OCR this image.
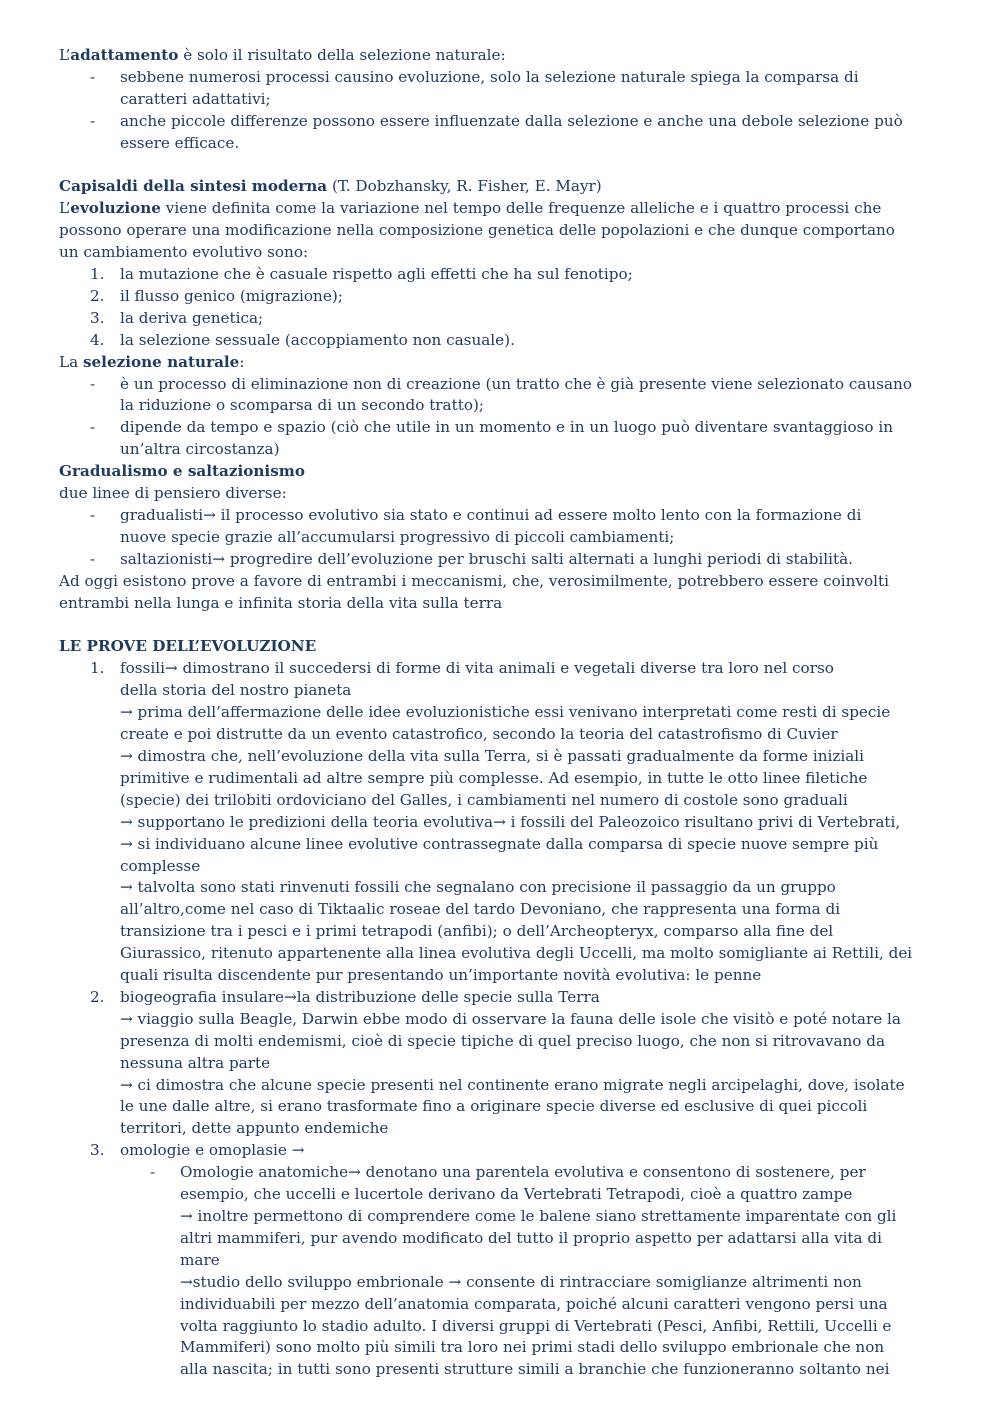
L’adattamento è solo il risultato della selezione naturale:
- sebbene numerosi processi causino evoluzione, solo la selezione naturale spiega la comparsa di
caratteri adattativi;
- anche piccole differenze possono essere influenzate dalla selezione e anche una debole selezione può
essere efficace.
Capisaldi della sintesi moderna (T. Dobzhansky, R. Fisher, E. Mayr)
L’evoluzione viene definita come la variazione nel tempo delle frequenze alleliche e i quattro processi che
possono operare una modificazione nella composizione genetica delle popolazioni e che dunque comportano
un cambiamento evolutivo sono:
1. la mutazione che è casuale rispetto agli effetti che ha sul fenotipo;
2. il flusso genico (migrazione);
3. la deriva genetica;
4. la selezione sessuale (accoppiamento non casuale).
La selezione naturale:
- è un processo di eliminazione non di creazione (un tratto che è già presente viene selezionato causano
la riduzione o scomparsa di un secondo tratto);
- dipende da tempo e spazio (ciò che utile in un momento e in un luogo può diventare svantaggioso in
un’altra circostanza)
Gradualismo e saltazionismo
due linee di pensiero diverse:
- gradualisti→ il processo evolutivo sia stato e continui ad essere molto lento con la formazione di
nuove specie grazie all’accumularsi progressivo di piccoli cambiamenti;
- saltazionisti→ progredire dell’evoluzione per bruschi salti alternati a lunghi periodi di stabilità.
Ad oggi esistono prove a favore di entrambi i meccanismi, che, verosimilmente, potrebbero essere coinvolti
entrambi nella lunga e infinita storia della vita sulla terra
LE PROVE DELL’EVOLUZIONE
1. fossili→ dimostrano il succedersi di forme di vita animali e vegetali diverse tra loro nel corso
della storia del nostro pianeta
→ prima dell’affermazione delle idee evoluzionistiche essi venivano interpretati come resti di specie
create e poi distrutte da un evento catastrofico, secondo la teoria del catastrofismo di Cuvier
→ dimostra che, nell’evoluzione della vita sulla Terra, si è passati gradualmente da forme iniziali
primitive e rudimentali ad altre sempre più complesse. Ad esempio, in tutte le otto linee filetiche
(specie) dei trilobiti ordoviciano del Galles, i cambiamenti nel numero di costole sono graduali
→ supportano le predizioni della teoria evolutiva→ i fossili del Paleozoico risultano privi di Vertebrati,
→ si individuano alcune linee evolutive contrassegnate dalla comparsa di specie nuove sempre più
complesse
→ talvolta sono stati rinvenuti fossili che segnalano con precisione il passaggio da un gruppo
all’altro,come nel caso di Tiktaalic roseae del tardo Devoniano, che rappresenta una forma di
transizione tra i pesci e i primi tetrapodi (anfibi); o dell’Archeopteryx, comparso alla fine del
Giurassico, ritenuto appartenente alla linea evolutiva degli Uccelli, ma molto somigliante ai Rettili, dei
quali risulta discendente pur presentando un’importante novità evolutiva: le penne
2. biogeografia insulare→la distribuzione delle specie sulla Terra
→ viaggio sulla Beagle, Darwin ebbe modo di osservare la fauna delle isole che visitò e poté notare la
presenza di molti endemismi, cioè di specie tipiche di quel preciso luogo, che non si ritrovavano da
nessuna altra parte
→ ci dimostra che alcune specie presenti nel continente erano migrate negli arcipelaghi, dove, isolate
le une dalle altre, si erano trasformate fino a originare specie diverse ed esclusive di quei piccoli
territori, dette appunto endemiche
3. omologie e omoplasie →
- Omologie anatomiche→ denotano una parentela evolutiva e consentono di sostenere, per
esempio, che uccelli e lucertole derivano da Vertebrati Tetrapodi, cioè a quattro zampe
→ inoltre permettono di comprendere come le balene siano strettamente imparentate con gli
altri mammiferi, pur avendo modificato del tutto il proprio aspetto per adattarsi alla vita di
mare
→studio dello sviluppo embrionale → consente di rintracciare somiglianze altrimenti non
individuabili per mezzo dell’anatomia comparata, poiché alcuni caratteri vengono persi una
volta raggiunto lo stadio adulto. I diversi gruppi di Vertebrati (Pesci, Anfibi, Rettili, Uccelli e
Mammiferi) sono molto più simili tra loro nei primi stadi dello sviluppo embrionale che non
alla nascita; in tutti sono presenti strutture simili a branchie che funzioneranno soltanto nei
